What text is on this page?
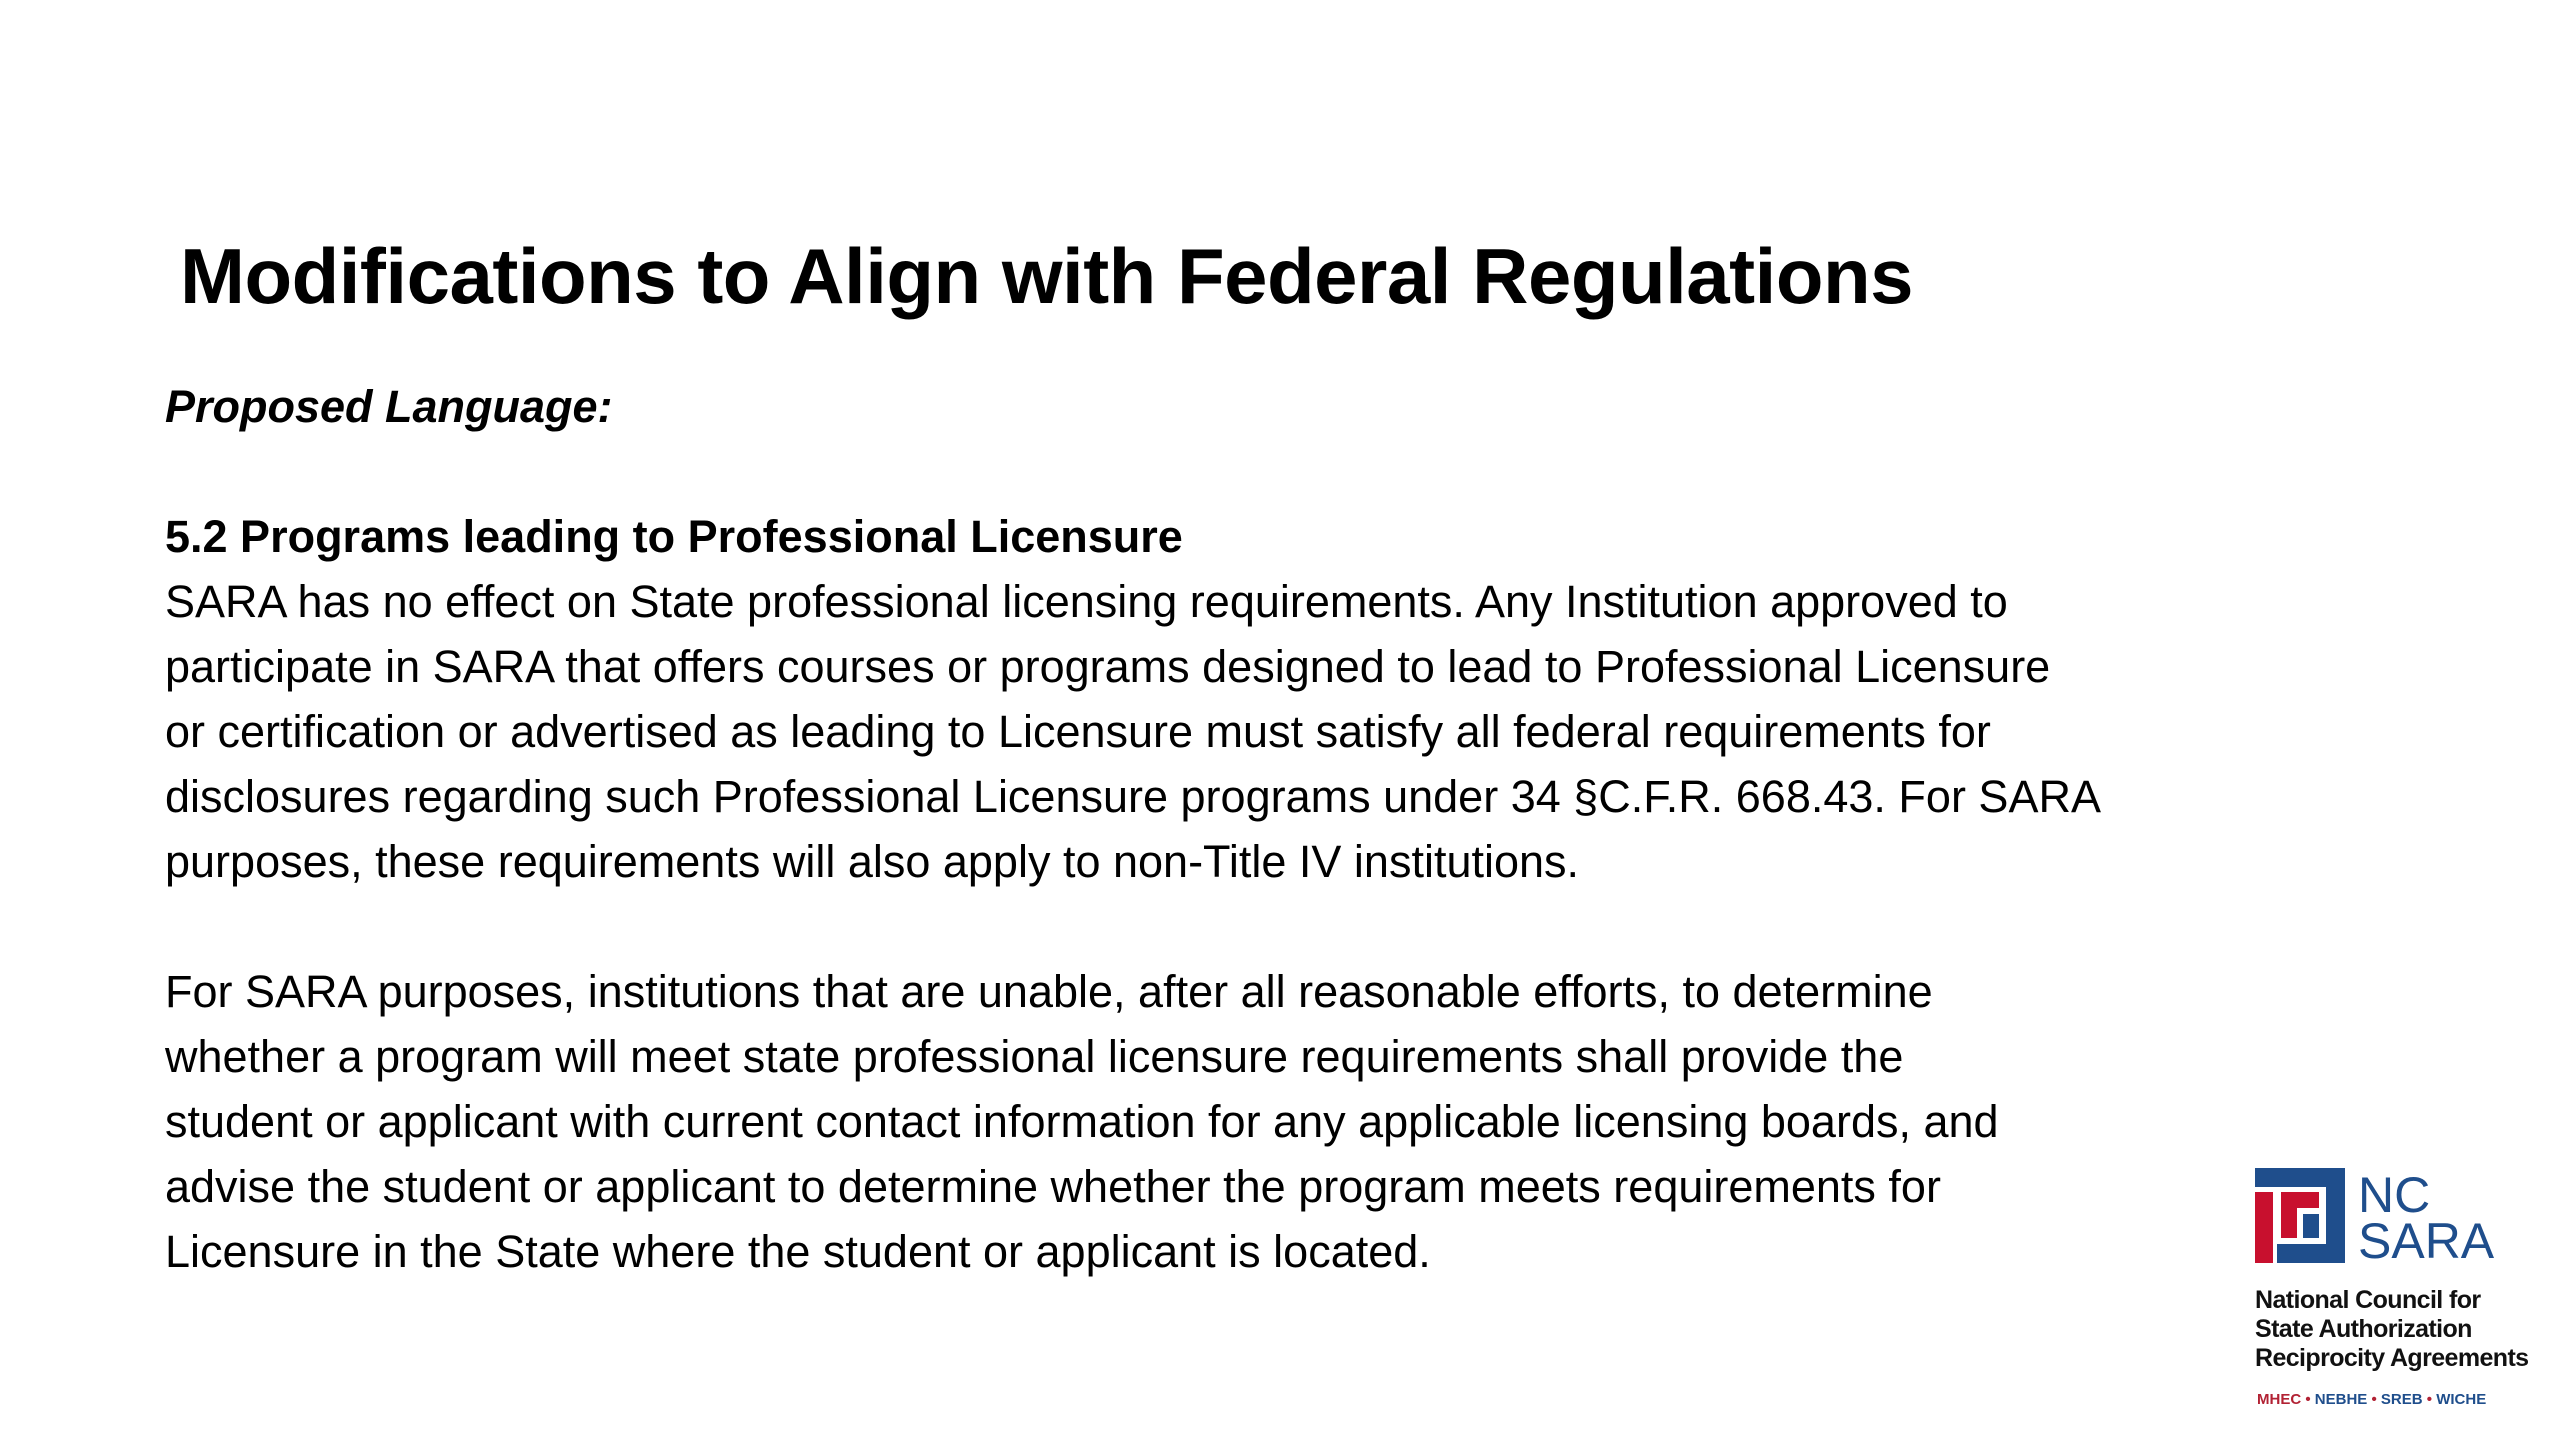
Modifications to Align with Federal Regulations

Proposed Language:

5.2 Programs leading to Professional Licensure

SARA has no effect on State professional licensing requirements. Any Institution approved to

participate in SARA that offers courses or programs designed to lead to Professional Licensure

or certification or advertised as leading to Licensure must satisfy all federal requirements for

disclosures regarding such Professional Licensure programs under 34 §C.F.R. 668.43. For SARA

purposes, these requirements will also apply to non-Title IV institutions.

For SARA purposes, institutions that are unable, after all reasonable efforts, to determine

whether a program will meet state professional licensure requirements shall provide the

student or applicant with current contact information for any applicable licensing boards, and

advise the student or applicant to determine whether the program meets requirements for

Licensure in the State where the student or applicant is located.

NC
SARA
National Council for
State Authorization
Reciprocity Agreements
MHEC • NEBHE • SREB • WICHE
